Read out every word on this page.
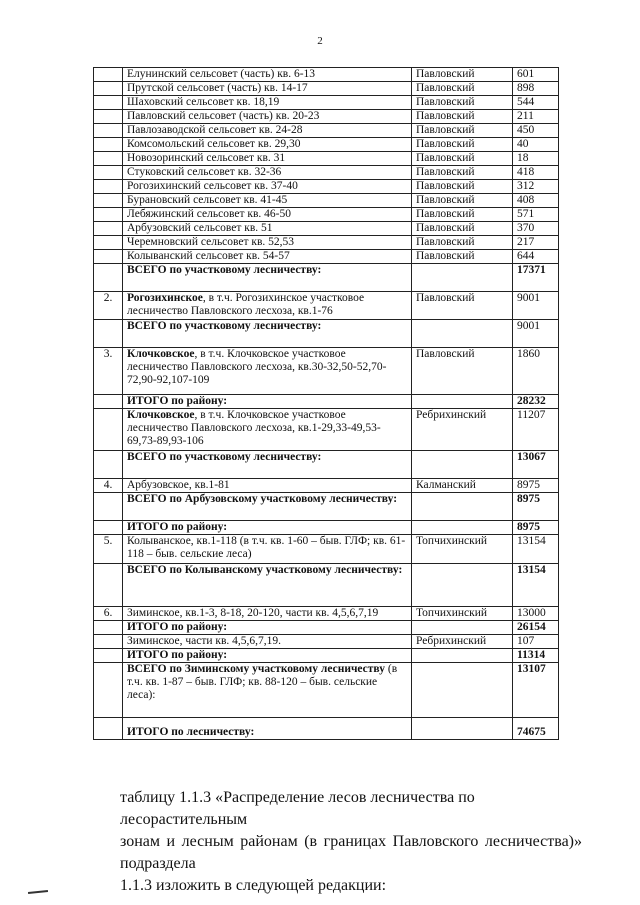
2
	Елунинский сельсовет (часть) кв. 6-13	Павловский	601
	Прутской сельсовет (часть) кв. 14-17	Павловский	898
	Шаховский сельсовет кв. 18,19	Павловский	544
	Павловский сельсовет (часть) кв. 20-23	Павловский	211
	Павлозаводской сельсовет кв. 24-28	Павловский	450
	Комсомольский сельсовет кв. 29,30	Павловский	40
	Новозоринский сельсовет кв. 31	Павловский	18
	Стуковский сельсовет кв. 32-36	Павловский	418
	Рогозихинский сельсовет кв. 37-40	Павловский	312
	Бурановский сельсовет кв. 41-45	Павловский	408
	Лебяжинский сельсовет кв. 46-50	Павловский	571
	Арбузовский сельсовет кв. 51	Павловский	370
	Черемновский сельсовет кв. 52,53	Павловский	217
	Колыванский сельсовет кв. 54-57	Павловский	644
	ВСЕГО по участковому лесничеству:		17371
2.	Рогозихинское, в т.ч. Рогозихинское участковое лесничество Павловского лесхоза, кв.1-76	Павловский	9001
	ВСЕГО по участковому лесничеству:		9001
3.	Клочковское, в т.ч. Клочковское участковое лесничество Павловского лесхоза, кв.30-32,50-52,70-72,90-92,107-109	Павловский	1860
	ИТОГО по району:		28232
	Клочковское, в т.ч. Клочковское участковое лесничество Павловского лесхоза, кв.1-29,33-49,53-69,73-89,93-106	Ребрихинский	11207
	ВСЕГО по участковому лесничеству:		13067
4.	Арбузовское, кв.1-81	Калманский	8975
	ВСЕГО по Арбузовскому участковому лесничеству:		8975
	ИТОГО по району:		8975
5.	Колыванское, кв.1-118 (в т.ч. кв. 1-60 – быв. ГЛФ; кв. 61-118 – быв. сельские леса)	Топчихинский	13154
	ВСЕГО по Колыванскому участковому лесничеству:		13154
6.	Зиминское, кв.1-3, 8-18, 20-120, части кв. 4,5,6,7,19	Топчихинский	13000
	ИТОГО по району:		26154
	Зиминское, части кв. 4,5,6,7,19.	Ребрихинский	107
	ИТОГО по району:		11314
	ВСЕГО по Зиминскому участковому лесничеству (в т.ч. кв. 1-87 – быв. ГЛФ; кв. 88-120 – быв. сельские леса):		13107
	ИТОГО по лесничеству:		74675

таблицу 1.1.3 «Распределение лесов лесничества по лесорастительным

зонам и лесным районам (в границах Павловского лесничества)» подраздела

1.1.3 изложить в следующей редакции:
